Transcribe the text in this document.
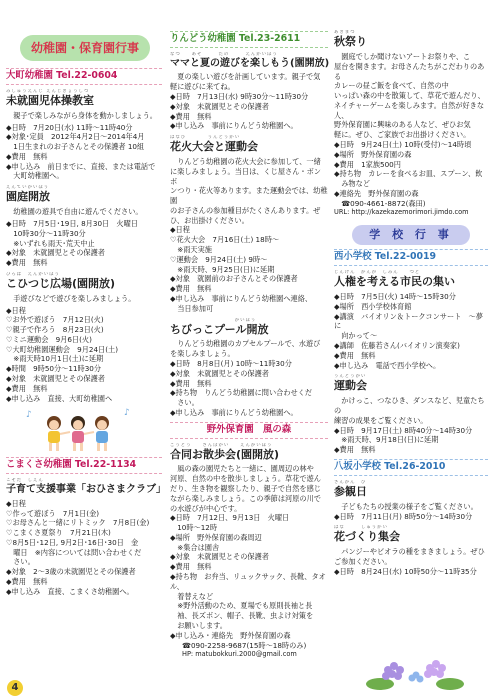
幼稚園・保育園行事
大町幼稚園 Tel.22-0604
みしゅうえんじ えんじきょうしつ
未就園児体操教室
　親子で楽しみながら身体を動かしましょう。
◆日時　7月20日(水) 11時〜11時40分
◆対象･定員　2012年4月2日〜2014年4月
　1日生まれのお子さんとその保護者 10組
◆費用　無料
◆申し込み　前日までに、直接、または電話で
　大町幼稚園へ。
えんていかいほう
園庭開放
　幼稚園の遊具で自由に遊んでください。
◆日時　7月5日･19日, 8月30日　火曜日
　10時30分〜11時30分
　※いずれも雨天･荒天中止
◆対象　未就園児とその保護者
◆費用　無料
ひろば　えんかいほう
こひつじ広場(園開放)
　手遊びなどで遊びを楽しみましょう。
◆日程
♡お外で遊ぼう　7月12日(火)
♡親子で作ろう　8月23日(火)
♡ミニ運動会　9月6日(火)
♡大町幼稚園運動会　9月24日(土)
　※雨天時10月1日(土)に延期
◆時間　9時50分〜11時30分
◆対象　未就園児とその保護者
◆費用　無料
◆申し込み　直接、大町幼稚園へ
♪	♪
こまくさ幼稚園 Tel.22-1134
こそだ　しえん
子育て支援事業「おひさまクラブ」
◆日程
♡作って遊ぼう　7月1日(金)
♡お母さんと一緒にリトミック　7月8日(金)
♡こまくさ夏祭り　7月21日(木)
♡8月5日･12日, 9月2日･16日･30日　金
　曜日　※内容については問い合わせくだ
　さい。
◆対象　2〜3歳の未就園児とその保護者
◆費用　無料
◆申し込み　直接、こまくさ幼稚園へ。
りんどう幼稚園 Tel.23-2611
なつ　　あそ　　　たの　　　えんかいほう
ママと夏の遊びを楽しもう(園開放)
　夏の楽しい遊びを計画しています。親子で気
軽に遊びに来てね。
◆日時　7月13日(水) 9時30分〜11時30分
◆対象　未就園児とその保護者
◆費用　無料
◆申し込み　事前にりんどう幼稚園へ。
はなび　　　　うんどうかい
花火大会と運動会
　りんどう幼稚園の花火大会に参加して、一緒
に楽しみましょう。当日は、くじ屋さん・ボンボ
ンつり・花火等あります。また運動会では、幼稚園
のお子さんの参加種目がたくさんあります。ぜ
ひ、お出掛けください。
◆日程
♡花火大会　7月16日(土) 18時〜
　※雨天実施
♡運動会　9月24日(土) 9時〜
　※雨天時、9月25日(日)に延期
◆対象　就園前のお子さんとその保護者
◆費用　無料
◆申し込み　事前にりんどう幼稚園へ連絡、
　当日参加可
　　　　　　　　　　　　かいほう
ちびっこプール開放
　りんどう幼稚園のカプセルプールで、水遊び
を楽しみましょう。
◆日時　8月8日(月) 10時〜11時30分
◆対象　未就園児とその保護者
◆費用　無料
◆持ち物　りんどう幼稚園に問い合わせくだ
　さい。
◆申し込み　事前にりんどう幼稚園へ。
野外保育園　風の森
ごうどう　　さんぽかい　　えんかいほう
合同お散歩会(園開放)
　風の森の園児たちと一緒に、園周辺の林や
河原、自然の中を散歩しましょう。草花で遊ん
だり、生き物を観察したり、親子で自然を感じ
ながら楽しみましょう。この季節は河原の川で
の水遊びが中心です。
◆日時　7月12日、9月13日　火曜日
　10時〜12時
◆場所　野外保育園の森周辺
　※集合は園舎
◆対象　未就園児とその保護者
◆費用　無料
◆持ち物　お弁当、リュックサック、長靴、タオル、
　着替えなど
　※野外活動のため、夏場でも原則長袖と長
　袖、長ズボン、帽子、長靴、虫よけ対策を
　お願いします。
◆申し込み・連絡先　野外保育園の森
☎090-2258-9687(15時〜18時のみ)
HP: matubokkuri.2000@gmail.com
あきまつ
秋祭り
　園庭でしか聞けないアートお祭りや、こ
屋台を開きます。お母さんたちがこだわりのある
カレーの昼ご飯を食べて、自然の中
いっぱい森の中を散策して、草花で遊んだり、
ネイチャーゲームを楽しみます。自然が好きな人、
野外保育園に興味のある人など、ぜひお気
軽に。ぜひ、ご家族でお出掛けください。
◆日時　9月24日(土) 10時(受付)〜14時頃
◆場所　野外保育園の森
◆費用　1家族500円
◆持ち物　カレーを食べるお皿、スプーン、飲
　み物など
◆連絡先　野外保育園の森
　☎090-4661-8872(森田)
URL: http://kazekazemorimori.jimdo.com
学 校 行 事
西小学校 Tel.22-0019
じんけん　かんが　しみん　　つど
人権を考える市民の集い
◆日時　7月5日(火) 14時〜15時30分
◆場所　西小学校体育館
◆講演　バイオリン＆トークコンサート　〜夢に
　向かって〜
◆講師　佐藤若さん(バイオリン演奏家)
◆費用　無料
◆申し込み　電話で西小学校へ。
うんどうかい
運動会
　かけっこ、つなひき、ダンスなど、児童たちの
練習の成果をご覧ください。
◆日時　9月17日(土) 8時40分〜14時30分
　※雨天時、9月18日(日)に延期
◆費用　無料
八坂小学校 Tel.26-2010
さんかん　び
参観日
　子どもたちの授業の様子をご覧ください。
◆日時　7月11日(月) 8時50分〜14時30分
はな　　　しゅうかい
花づくり集会
　パンジーやビオラの種をまきましょう。ぜひ
ご参加ください。
◆日時　8月24日(水) 10時50分〜11時35分
4
